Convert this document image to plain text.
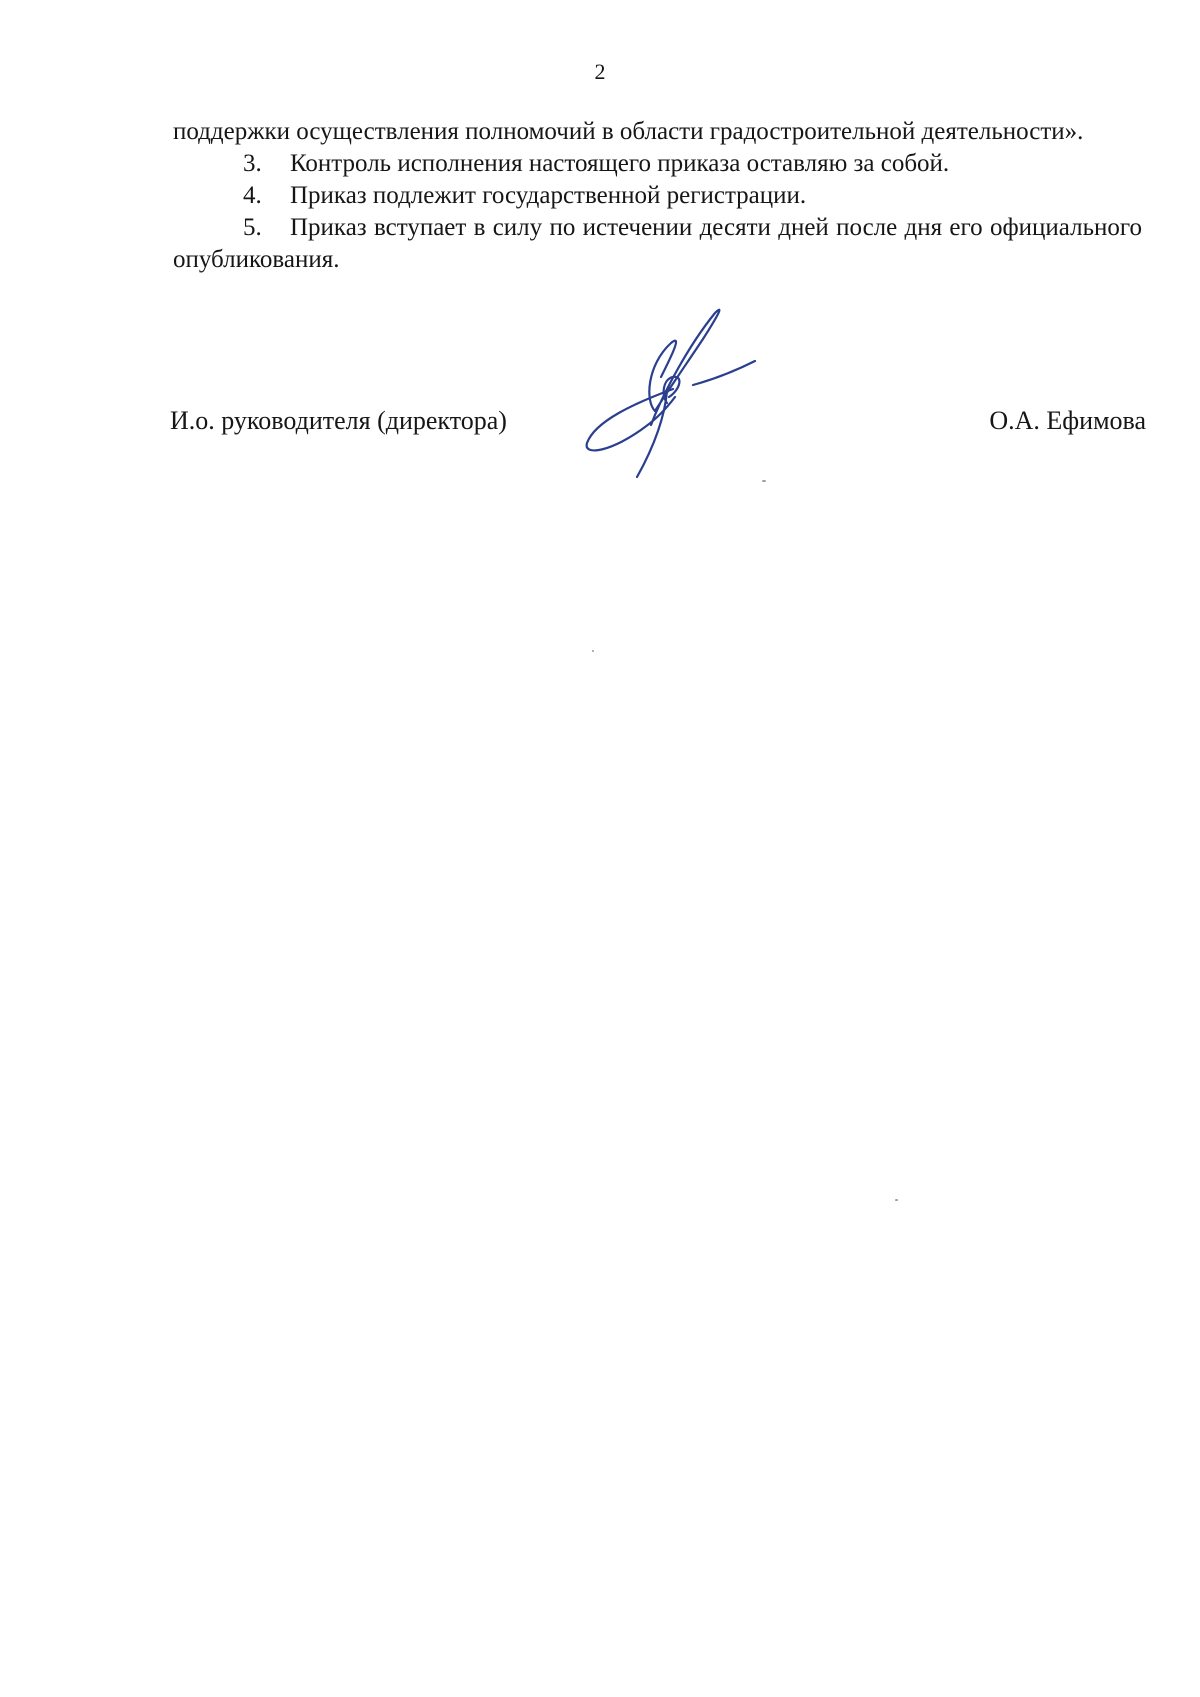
2

поддержки осуществления полномочий в области градостроительной деятельности».

3. Контроль исполнения настоящего приказа оставляю за собой.

4. Приказ подлежит государственной регистрации.

5. Приказ вступает в силу по истечении десяти дней после дня его официального опубликования.

И.о. руководителя (директора)	О.А. Ефимова
